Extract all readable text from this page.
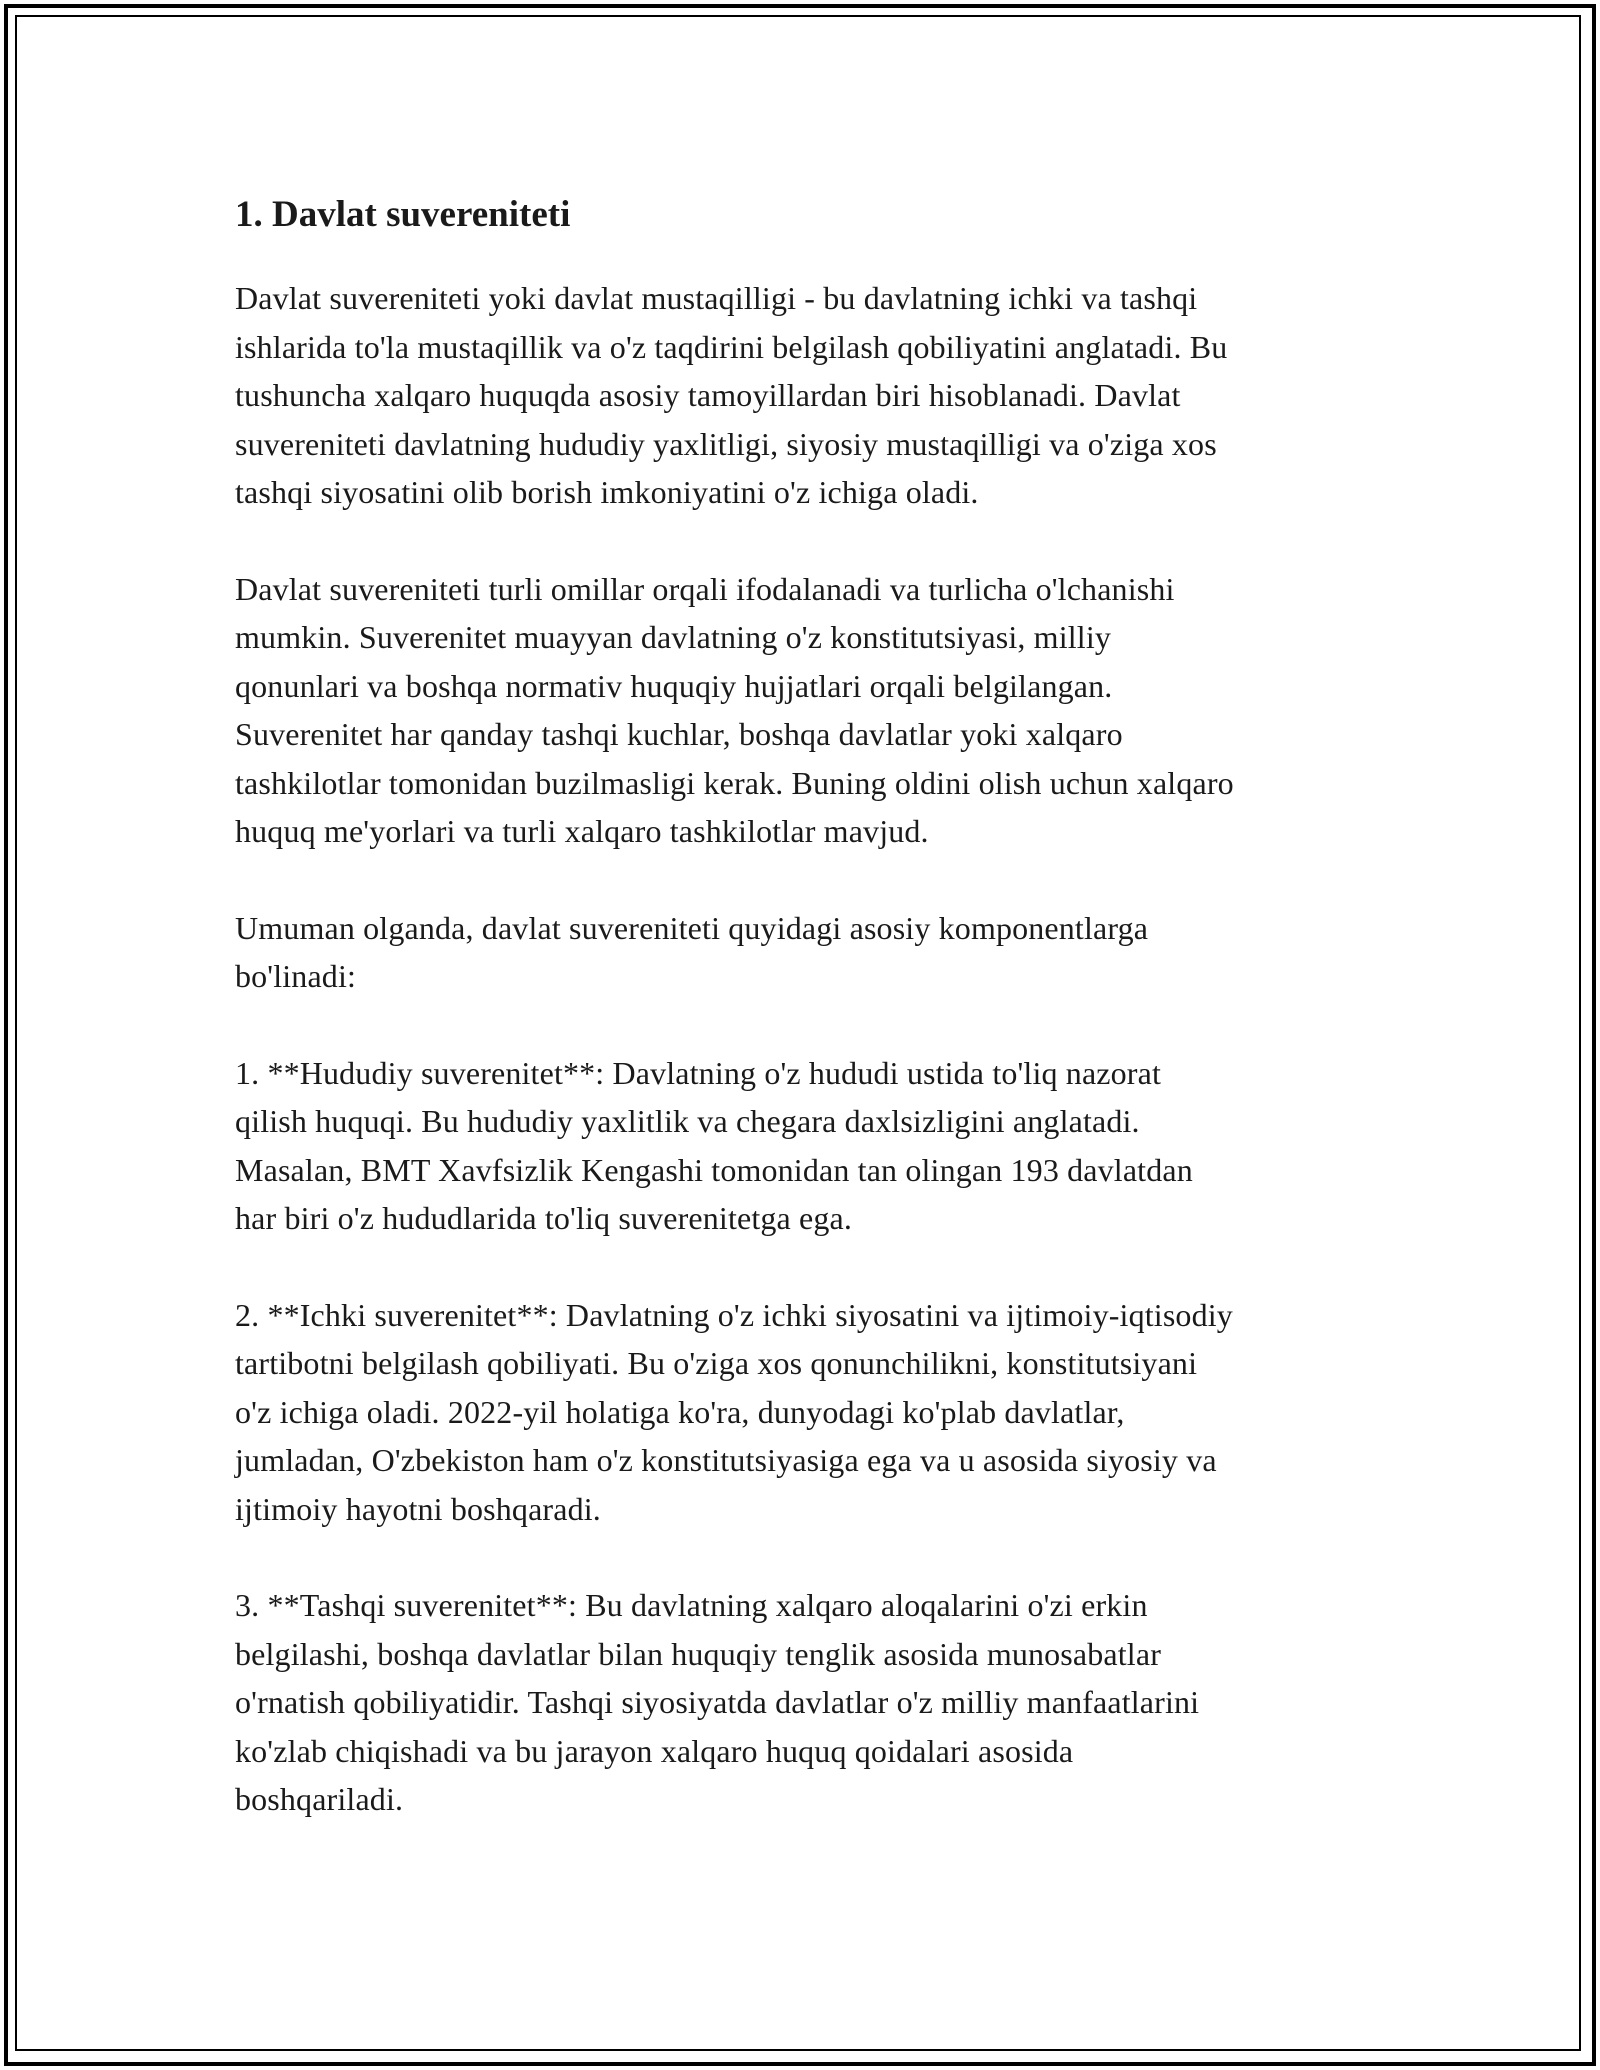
1. Davlat suvereniteti

Davlat suvereniteti yoki davlat mustaqilligi - bu davlatning ichki va tashqi
ishlarida to'la mustaqillik va o'z taqdirini belgilash qobiliyatini anglatadi. Bu
tushuncha xalqaro huquqda asosiy tamoyillardan biri hisoblanadi. Davlat
suvereniteti davlatning hududiy yaxlitligi, siyosiy mustaqilligi va o'ziga xos
tashqi siyosatini olib borish imkoniyatini o'z ichiga oladi.

Davlat suvereniteti turli omillar orqali ifodalanadi va turlicha o'lchanishi
mumkin. Suverenitet muayyan davlatning o'z konstitutsiyasi, milliy
qonunlari va boshqa normativ huquqiy hujjatlari orqali belgilangan.
Suverenitet har qanday tashqi kuchlar, boshqa davlatlar yoki xalqaro
tashkilotlar tomonidan buzilmasligi kerak. Buning oldini olish uchun xalqaro
huquq me'yorlari va turli xalqaro tashkilotlar mavjud.

Umuman olganda, davlat suvereniteti quyidagi asosiy komponentlarga
bo'linadi:

1. **Hududiy suverenitet**: Davlatning o'z hududi ustida to'liq nazorat
qilish huquqi. Bu hududiy yaxlitlik va chegara daxlsizligini anglatadi.
Masalan, BMT Xavfsizlik Kengashi tomonidan tan olingan 193 davlatdan
har biri o'z hududlarida to'liq suverenitetga ega.

2. **Ichki suverenitet**: Davlatning o'z ichki siyosatini va ijtimoiy-iqtisodiy
tartibotni belgilash qobiliyati. Bu o'ziga xos qonunchilikni, konstitutsiyani
o'z ichiga oladi. 2022-yil holatiga ko'ra, dunyodagi ko'plab davlatlar,
jumladan, O'zbekiston ham o'z konstitutsiyasiga ega va u asosida siyosiy va
ijtimoiy hayotni boshqaradi.

3. **Tashqi suverenitet**: Bu davlatning xalqaro aloqalarini o'zi erkin
belgilashi, boshqa davlatlar bilan huquqiy tenglik asosida munosabatlar
o'rnatish qobiliyatidir. Tashqi siyosiyatda davlatlar o'z milliy manfaatlarini
ko'zlab chiqishadi va bu jarayon xalqaro huquq qoidalari asosida
boshqariladi.
